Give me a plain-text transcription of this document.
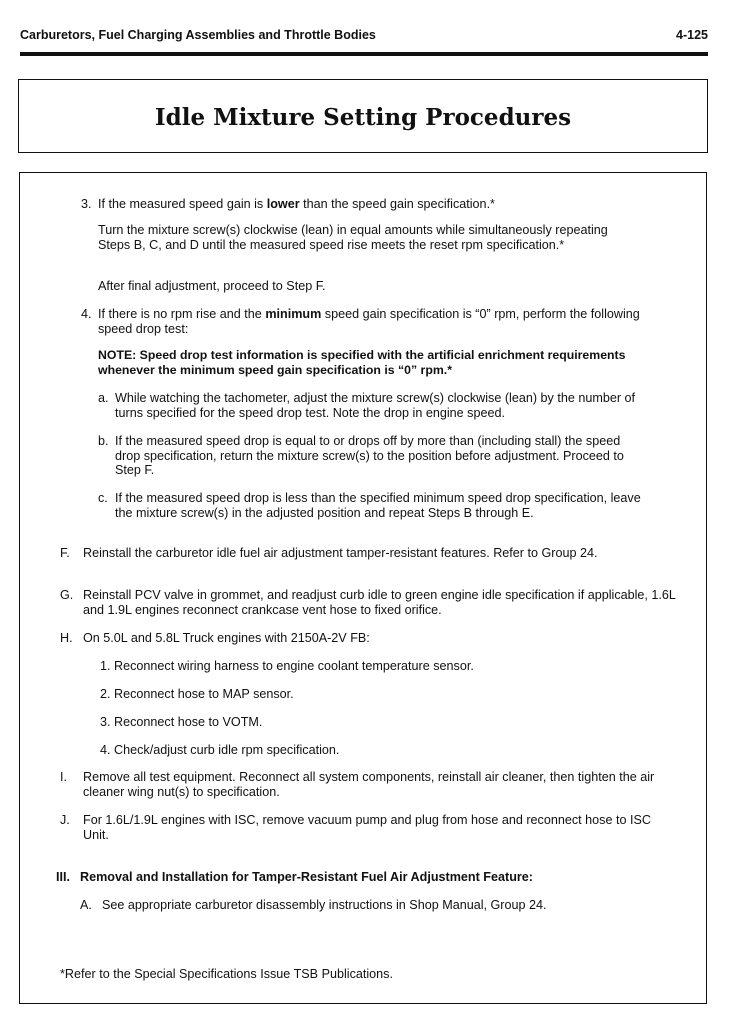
Carburetors, Fuel Charging Assemblies and Throttle Bodies	4-125
Idle Mixture Setting Procedures
3. If the measured speed gain is lower than the speed gain specification.*

Turn the mixture screw(s) clockwise (lean) in equal amounts while simultaneously repeating Steps B, C, and D until the measured speed rise meets the reset rpm specification.*

After final adjustment, proceed to Step F.

4. If there is no rpm rise and the minimum speed gain specification is “0” rpm, perform the following speed drop test:

NOTE: Speed drop test information is specified with the artificial enrichment requirements whenever the minimum speed gain specification is “0” rpm.*

a. While watching the tachometer, adjust the mixture screw(s) clockwise (lean) by the number of turns specified for the speed drop test. Note the drop in engine speed.

b. If the measured speed drop is equal to or drops off by more than (including stall) the speed drop specification, return the mixture screw(s) to the position before adjustment. Proceed to Step F.

c. If the measured speed drop is less than the specified minimum speed drop specification, leave the mixture screw(s) in the adjusted position and repeat Steps B through E.

F. Reinstall the carburetor idle fuel air adjustment tamper-resistant features. Refer to Group 24.

G. Reinstall PCV valve in grommet, and readjust curb idle to green engine idle specification if applicable, 1.6L and 1.9L engines reconnect crankcase vent hose to fixed orifice.

H. On 5.0L and 5.8L Truck engines with 2150A-2V FB:

1. Reconnect wiring harness to engine coolant temperature sensor.

2. Reconnect hose to MAP sensor.

3. Reconnect hose to VOTM.

4. Check/adjust curb idle rpm specification.

I. Remove all test equipment. Reconnect all system components, reinstall air cleaner, then tighten the air cleaner wing nut(s) to specification.

J. For 1.6L/1.9L engines with ISC, remove vacuum pump and plug from hose and reconnect hose to ISC Unit.

III. Removal and Installation for Tamper-Resistant Fuel Air Adjustment Feature:

A. See appropriate carburetor disassembly instructions in Shop Manual, Group 24.

*Refer to the Special Specifications Issue TSB Publications.
